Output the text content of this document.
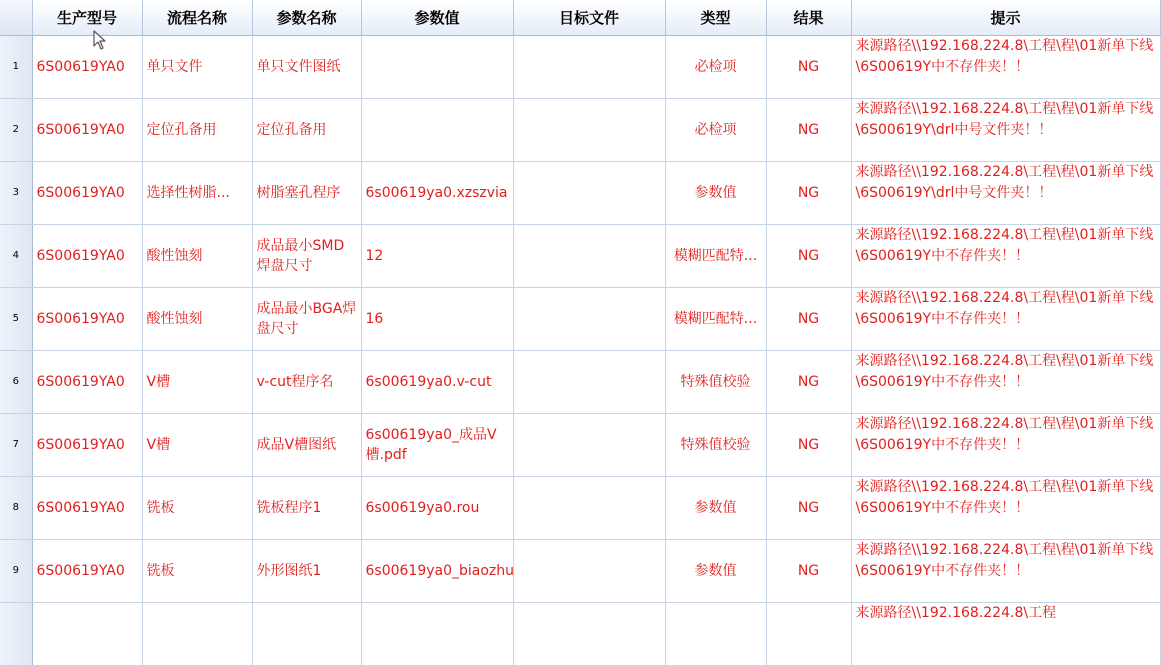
	生产型号	流程名称	参数名称	参数值	目标文件	类型	结果	提示
1	6S00619YA0	单只文件	单只文件图纸			必检项	NG	来源路径\\192.168.224.8\工程\程\01新单下线\6S00619Y中不存件夹！！

2	6S00619YA0	定位孔备用	定位孔备用			必检项	NG	来源路径\\192.168.224.8\工程\程\01新单下线\6S00619Y\drl中号文件夹！！

3	6S00619YA0	选择性树脂...	树脂塞孔程序	6s00619ya0.xzszvia		参数值	NG	来源路径\\192.168.224.8\工程\程\01新单下线\6S00619Y\drl中号文件夹！！

4	6S00619YA0	酸性蚀刻	成品最小SMD焊盘尺寸	12		模糊匹配特...	NG	来源路径\\192.168.224.8\工程\程\01新单下线\6S00619Y中不存件夹！！

5	6S00619YA0	酸性蚀刻	成品最小BGA焊盘尺寸	16		模糊匹配特...	NG	来源路径\\192.168.224.8\工程\程\01新单下线\6S00619Y中不存件夹！！

6	6S00619YA0	V槽	v-cut程序名	6s00619ya0.v-cut		特殊值校验	NG	来源路径\\192.168.224.8\工程\程\01新单下线\6S00619Y中不存件夹！！

7	6S00619YA0	V槽	成品V槽图纸	6s00619ya0_成品V槽.pdf		特殊值校验	NG	来源路径\\192.168.224.8\工程\程\01新单下线\6S00619Y中不存件夹！！

8	6S00619YA0	铣板	铣板程序1	6s00619ya0.rou		参数值	NG	来源路径\\192.168.224.8\工程\程\01新单下线\6S00619Y中不存件夹！！

9	6S00619YA0	铣板	外形图纸1	6s00619ya0_biaozhu		参数值	NG	来源路径\\192.168.224.8\工程\程\01新单下线\6S00619Y中不存件夹！！

								来源路径\\192.168.224.8\工程
